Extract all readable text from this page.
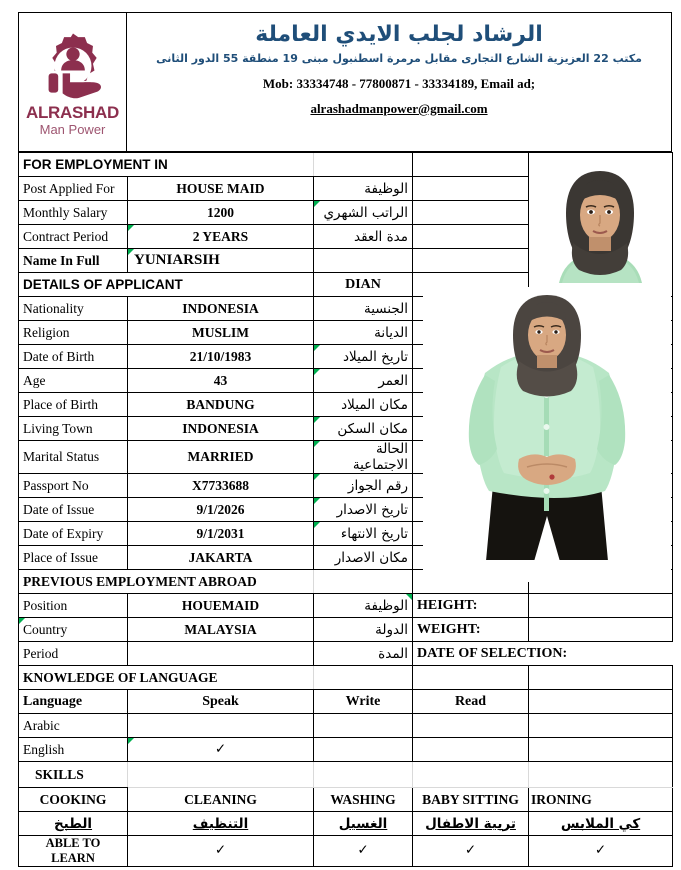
ALRASHAD
Man Power
الرشاد لجلب الايدي العاملة
مكتب 22 العزيزية الشارع التجارى مقابل مرمرة اسطنبول مبنى 19 منطقة 55 الدور الثانى
Mob: 33334748 - 77800871 - 33334189, Email ad;
alrashadmanpower@gmail.com
FOR EMPLOYMENT IN				
Post Applied For	HOUSE MAID	الوظيفة		
Monthly Salary	1200	الراتب الشهري		
Contract Period	2 YEARS	مدة العقد		
Name In Full	YUNIARSIH			
DETAILS OF APPLICANT		DIAN		
Nationality	INDONESIA	الجنسية		
Religion	MUSLIM	الديانة		
Date of Birth	21/10/1983	تاريخ الميلاد		
Age	43	العمر		
Place of Birth	BANDUNG	مكان الميلاد		
Living Town	INDONESIA	مكان السكن		
Marital Status	MARRIED	الحالة الاجتماعية		
Passport No	X7733688	رقم الجواز		
Date of Issue	9/1/2026	تاريخ الاصدار		
Date of Expiry	9/1/2031	تاريخ الانتهاء		
Place of Issue	JAKARTA	مكان الاصدار		
PREVIOUS EMPLOYMENT ABROAD				
Position	HOUEMAID	الوظيفة	HEIGHT:	
Country	MALAYSIA	الدولة	WEIGHT:	
Period		المدة	DATE OF SELECTION:	
KNOWLEDGE OF LANGUAGE				
Language	Speak	Write	Read	
Arabic				
English	✓			
SKILLS				
COOKING	CLEANING	WASHING	BABY SITTING	IRONING
الطبخ	التنظيف	الغسيل	تربية الاطفال	كي الملابس
ABLE TO LEARN	✓	✓	✓	✓
